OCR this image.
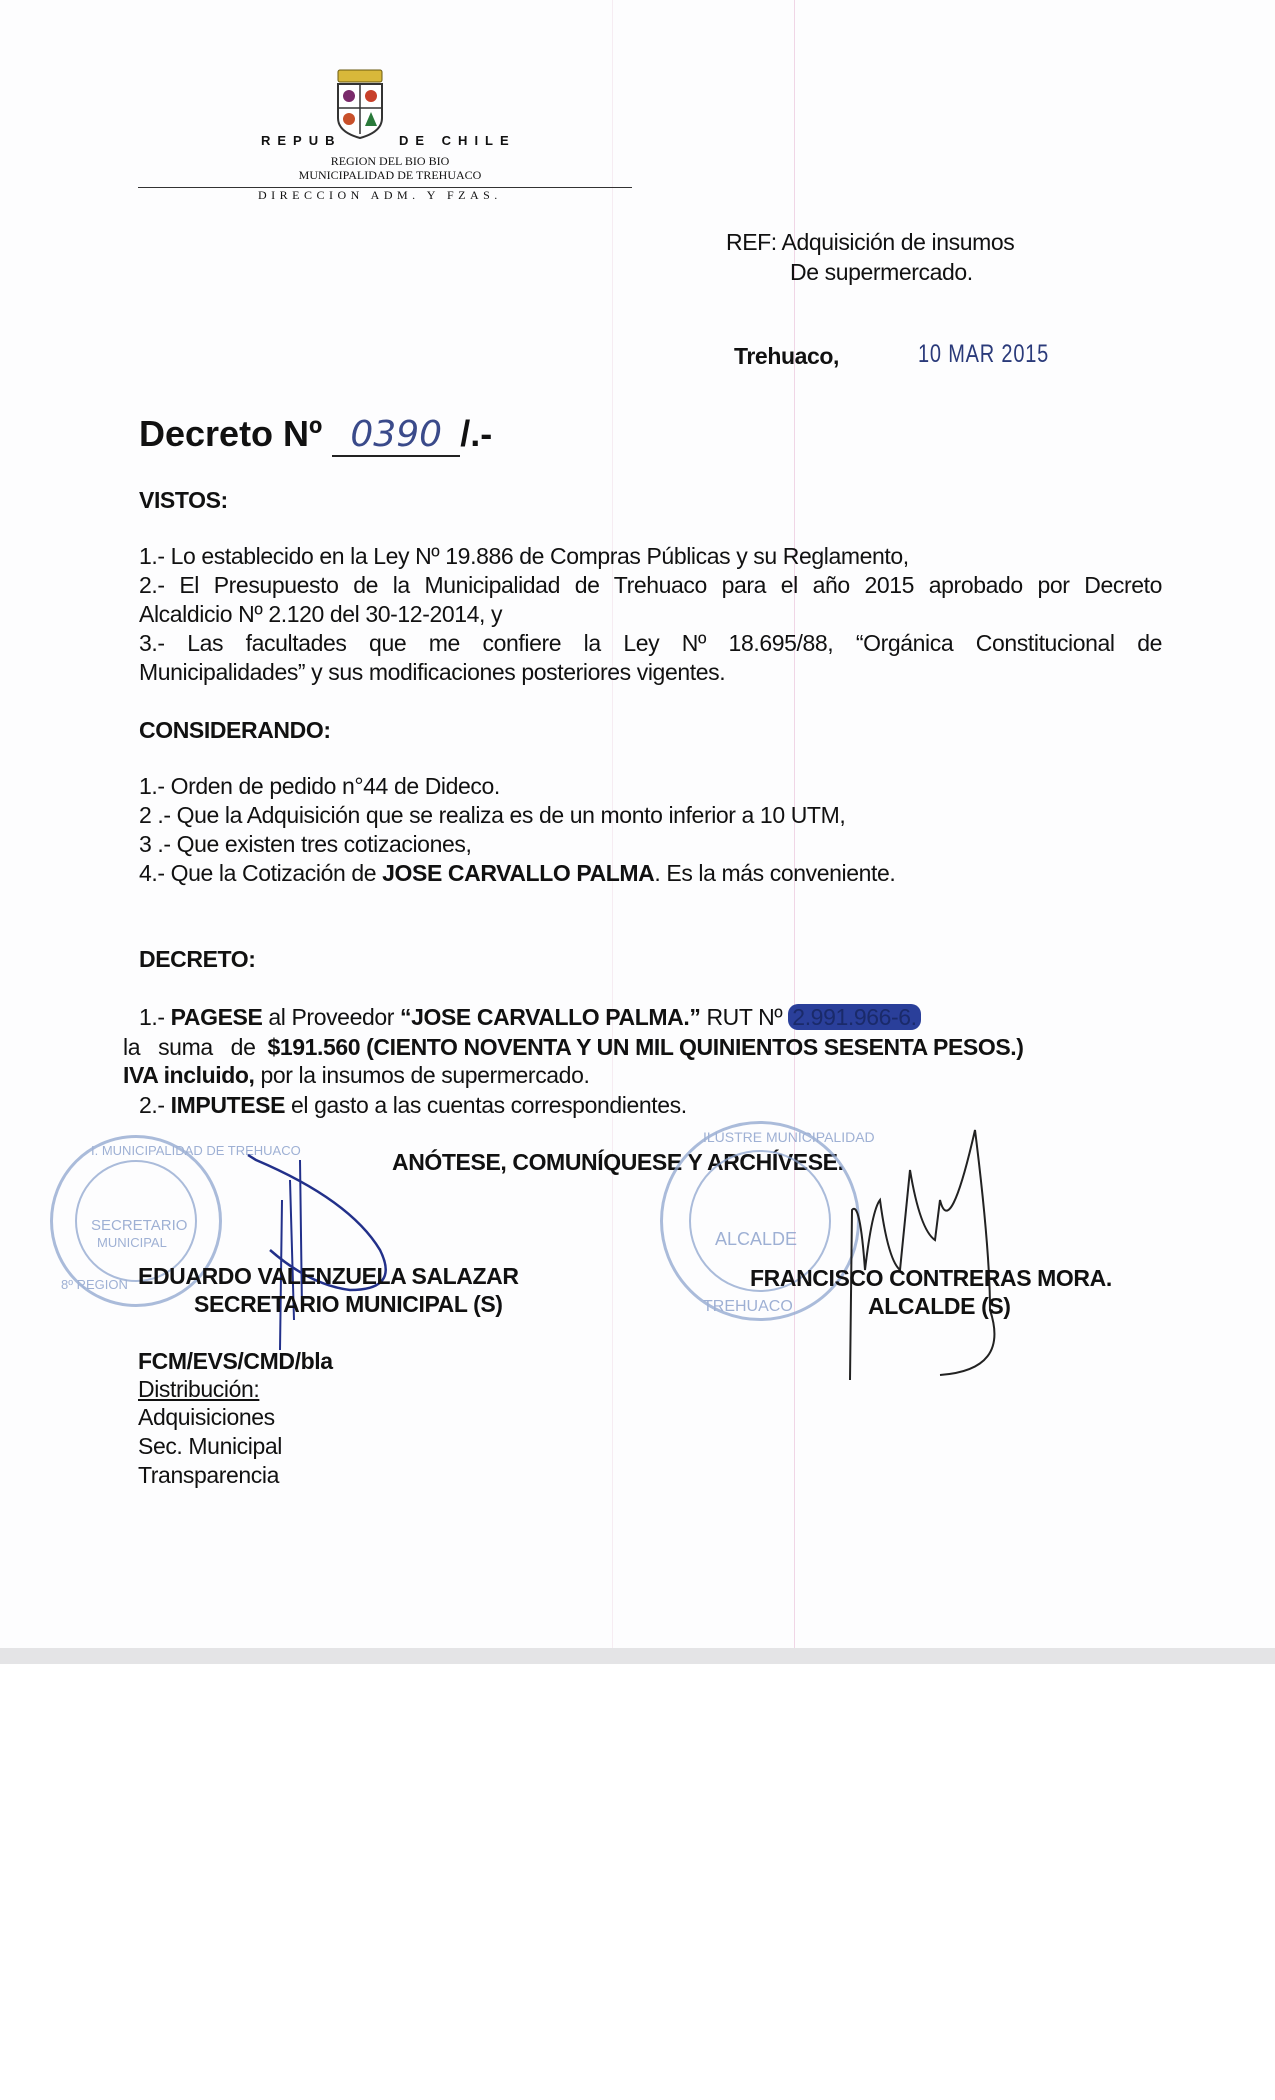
REPUB	DE CHILE
REGION DEL BIO BIO
MUNICIPALIDAD DE TREHUACO
DIRECCION ADM. Y FZAS.
REF: Adquisición de insumos
De supermercado.
Trehuaco,	10 MAR 2015
Decreto Nº 0390 /.-
VISTOS:
1.- Lo establecido en la Ley Nº 19.886 de Compras Públicas y su Reglamento,
2.- El Presupuesto de la Municipalidad de Trehuaco para el año 2015 aprobado por Decreto
Alcaldicio Nº 2.120 del 30-12-2014, y
3.- Las facultades que me confiere la Ley Nº 18.695/88, “Orgánica Constitucional de
Municipalidades” y sus modificaciones posteriores vigentes.
CONSIDERANDO:
1.- Orden de pedido n°44 de Dideco.
2 .- Que la Adquisición que se realiza es de un monto inferior a 10 UTM,
3 .- Que existen tres cotizaciones,
4.- Que la Cotización de JOSE CARVALLO PALMA. Es la más conveniente.
DECRETO:
1.- PAGESE al Proveedor “JOSE CARVALLO PALMA.” RUT Nº 2.991.966-6.
la   suma   de  $191.560 (CIENTO NOVENTA Y UN MIL QUINIENTOS SESENTA PESOS.)
IVA incluido, por la insumos de supermercado.
2.- IMPUTESE el gasto a las cuentas correspondientes.
ANÓTESE, COMUNÍQUESE Y ARCHÍVESE.
I. MUNICIPALIDAD DE TREHUACO
SECRETARIO
MUNICIPAL
8º REGION
ILUSTRE MUNICIPALIDAD
ALCALDE
TREHUACO
EDUARDO VALENZUELA SALAZAR
SECRETARIO MUNICIPAL (S)
FRANCISCO CONTRERAS MORA.
ALCALDE (S)
FCM/EVS/CMD/bla
Distribución:
Adquisiciones
Sec. Municipal
Transparencia
